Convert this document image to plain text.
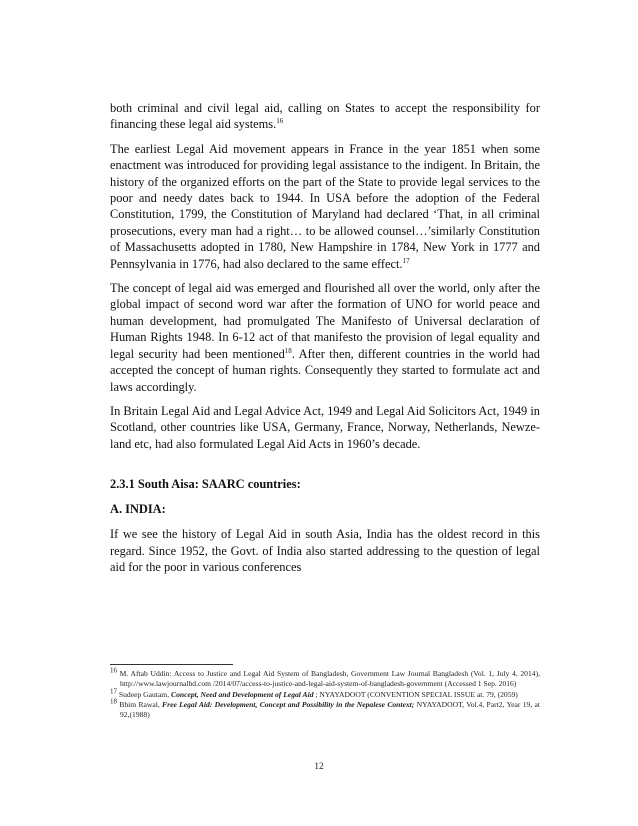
both criminal and civil legal aid, calling on States to accept the responsibility for financing these legal aid systems.$^{16}$

The earliest Legal Aid movement appears in France in the year 1851 when some enactment was introduced for providing legal assistance to the indigent. In Britain, the history of the organized efforts on the part of the State to provide legal services to the poor and needy dates back to 1944. In USA before the adoption of the Federal Constitution, 1799, the Constitution of Maryland had declared ‘That, in all criminal prosecutions, every man had a right… to be allowed counsel…’similarly Constitution of Massachusetts adopted in 1780, New Hampshire in 1784, New York in 1777 and Pennsylvania in 1776, had also declared to the same effect.$^{17}$

The concept of legal aid was emerged and flourished all over the world, only after the global impact of second word war after the formation of UNO for world peace and human development, had promulgated The Manifesto of Universal declaration of Human Rights 1948. In 6-12 act of that manifesto the provision of legal equality and legal security had been mentioned$^{18}$. After then, different countries in the world had accepted the concept of human rights. Consequently they started to formulate act and laws accordingly.

In Britain Legal Aid and Legal Advice Act, 1949 and Legal Aid Solicitors Act, 1949 in Scotland, other countries like USA, Germany, France, Norway, Netherlands, Newze-land etc, had also formulated Legal Aid Acts in 1960’s decade.

2.3.1 South Aisa: SAARC countries:
A. INDIA:

If we see the history of Legal Aid in south Asia, India has the oldest record in this regard. Since 1952, the Govt. of India also started addressing to the question of legal aid for the poor in various conferences

$^{16}$ M. Aftab Uddin: Access to Justice and Legal Aid System of Bangladesh, Government Law Journal Bangladesh (Vol. 1, July 4, 2014), http://www.lawjournalbd.com /2014/07/access-to-justice-and-legal-aid-system-of-bangladesh-government (Accessed 1 Sep. 2016)
$^{17}$ Sudeep Gautam, Concept, Need and Development of Legal Aid ; NYAYADOOT (CONVENTION SPECIAL ISSUE at. 79, (2059)
$^{18}$ Bhim Rawal, Free Legal Aid: Development, Concept and Possibility in the Nepalese Context; NYAYADOOT, Vol.4, Part2, Year 19, at 92,(1988)
12
